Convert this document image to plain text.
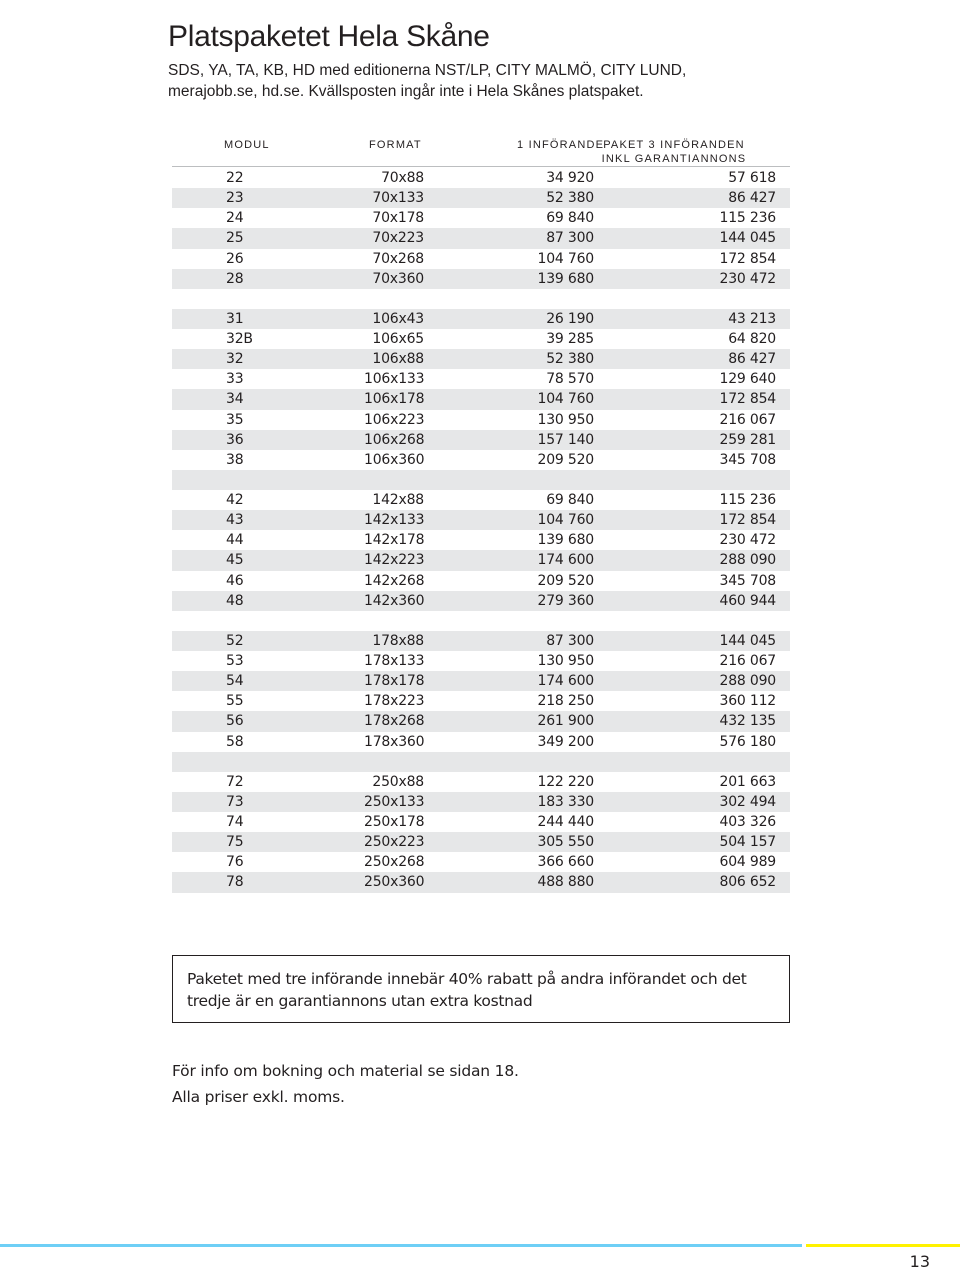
Platspaketet Hela Skåne
SDS, YA, TA, KB, HD med editionerna NST/LP, CITY MALMÖ, CITY LUND,
merajobb.se, hd.se. Kvällsposten ingår inte i Hela Skånes platspaket.
MODUL	FORMAT	1 INFÖRANDE PAKET 3 INFÖRANDEN
INKL GARANTIANNONS
22	70x88	34 920	57 618
23	70x133	52 380	86 427
24	70x178	69 840	115 236
25	70x223	87 300	144 045
26	70x268	104 760	172 854
28	70x360	139 680	230 472
31	106x43	26 190	43 213
32B	106x65	39 285	64 820
32	106x88	52 380	86 427
33	106x133	78 570	129 640
34	106x178	104 760	172 854
35	106x223	130 950	216 067
36	106x268	157 140	259 281
38	106x360	209 520	345 708
42	142x88	69 840	115 236
43	142x133	104 760	172 854
44	142x178	139 680	230 472
45	142x223	174 600	288 090
46	142x268	209 520	345 708
48	142x360	279 360	460 944
52	178x88	87 300	144 045
53	178x133	130 950	216 067
54	178x178	174 600	288 090
55	178x223	218 250	360 112
56	178x268	261 900	432 135
58	178x360	349 200	576 180
72	250x88	122 220	201 663
73	250x133	183 330	302 494
74	250x178	244 440	403 326
75	250x223	305 550	504 157
76	250x268	366 660	604 989
78	250x360	488 880	806 652

Paketet med tre införande innebär 40% rabatt på andra införandet och det tredje är en garantiannons utan extra kostnad

För info om bokning och material se sidan 18.
Alla priser exkl. moms.
13
